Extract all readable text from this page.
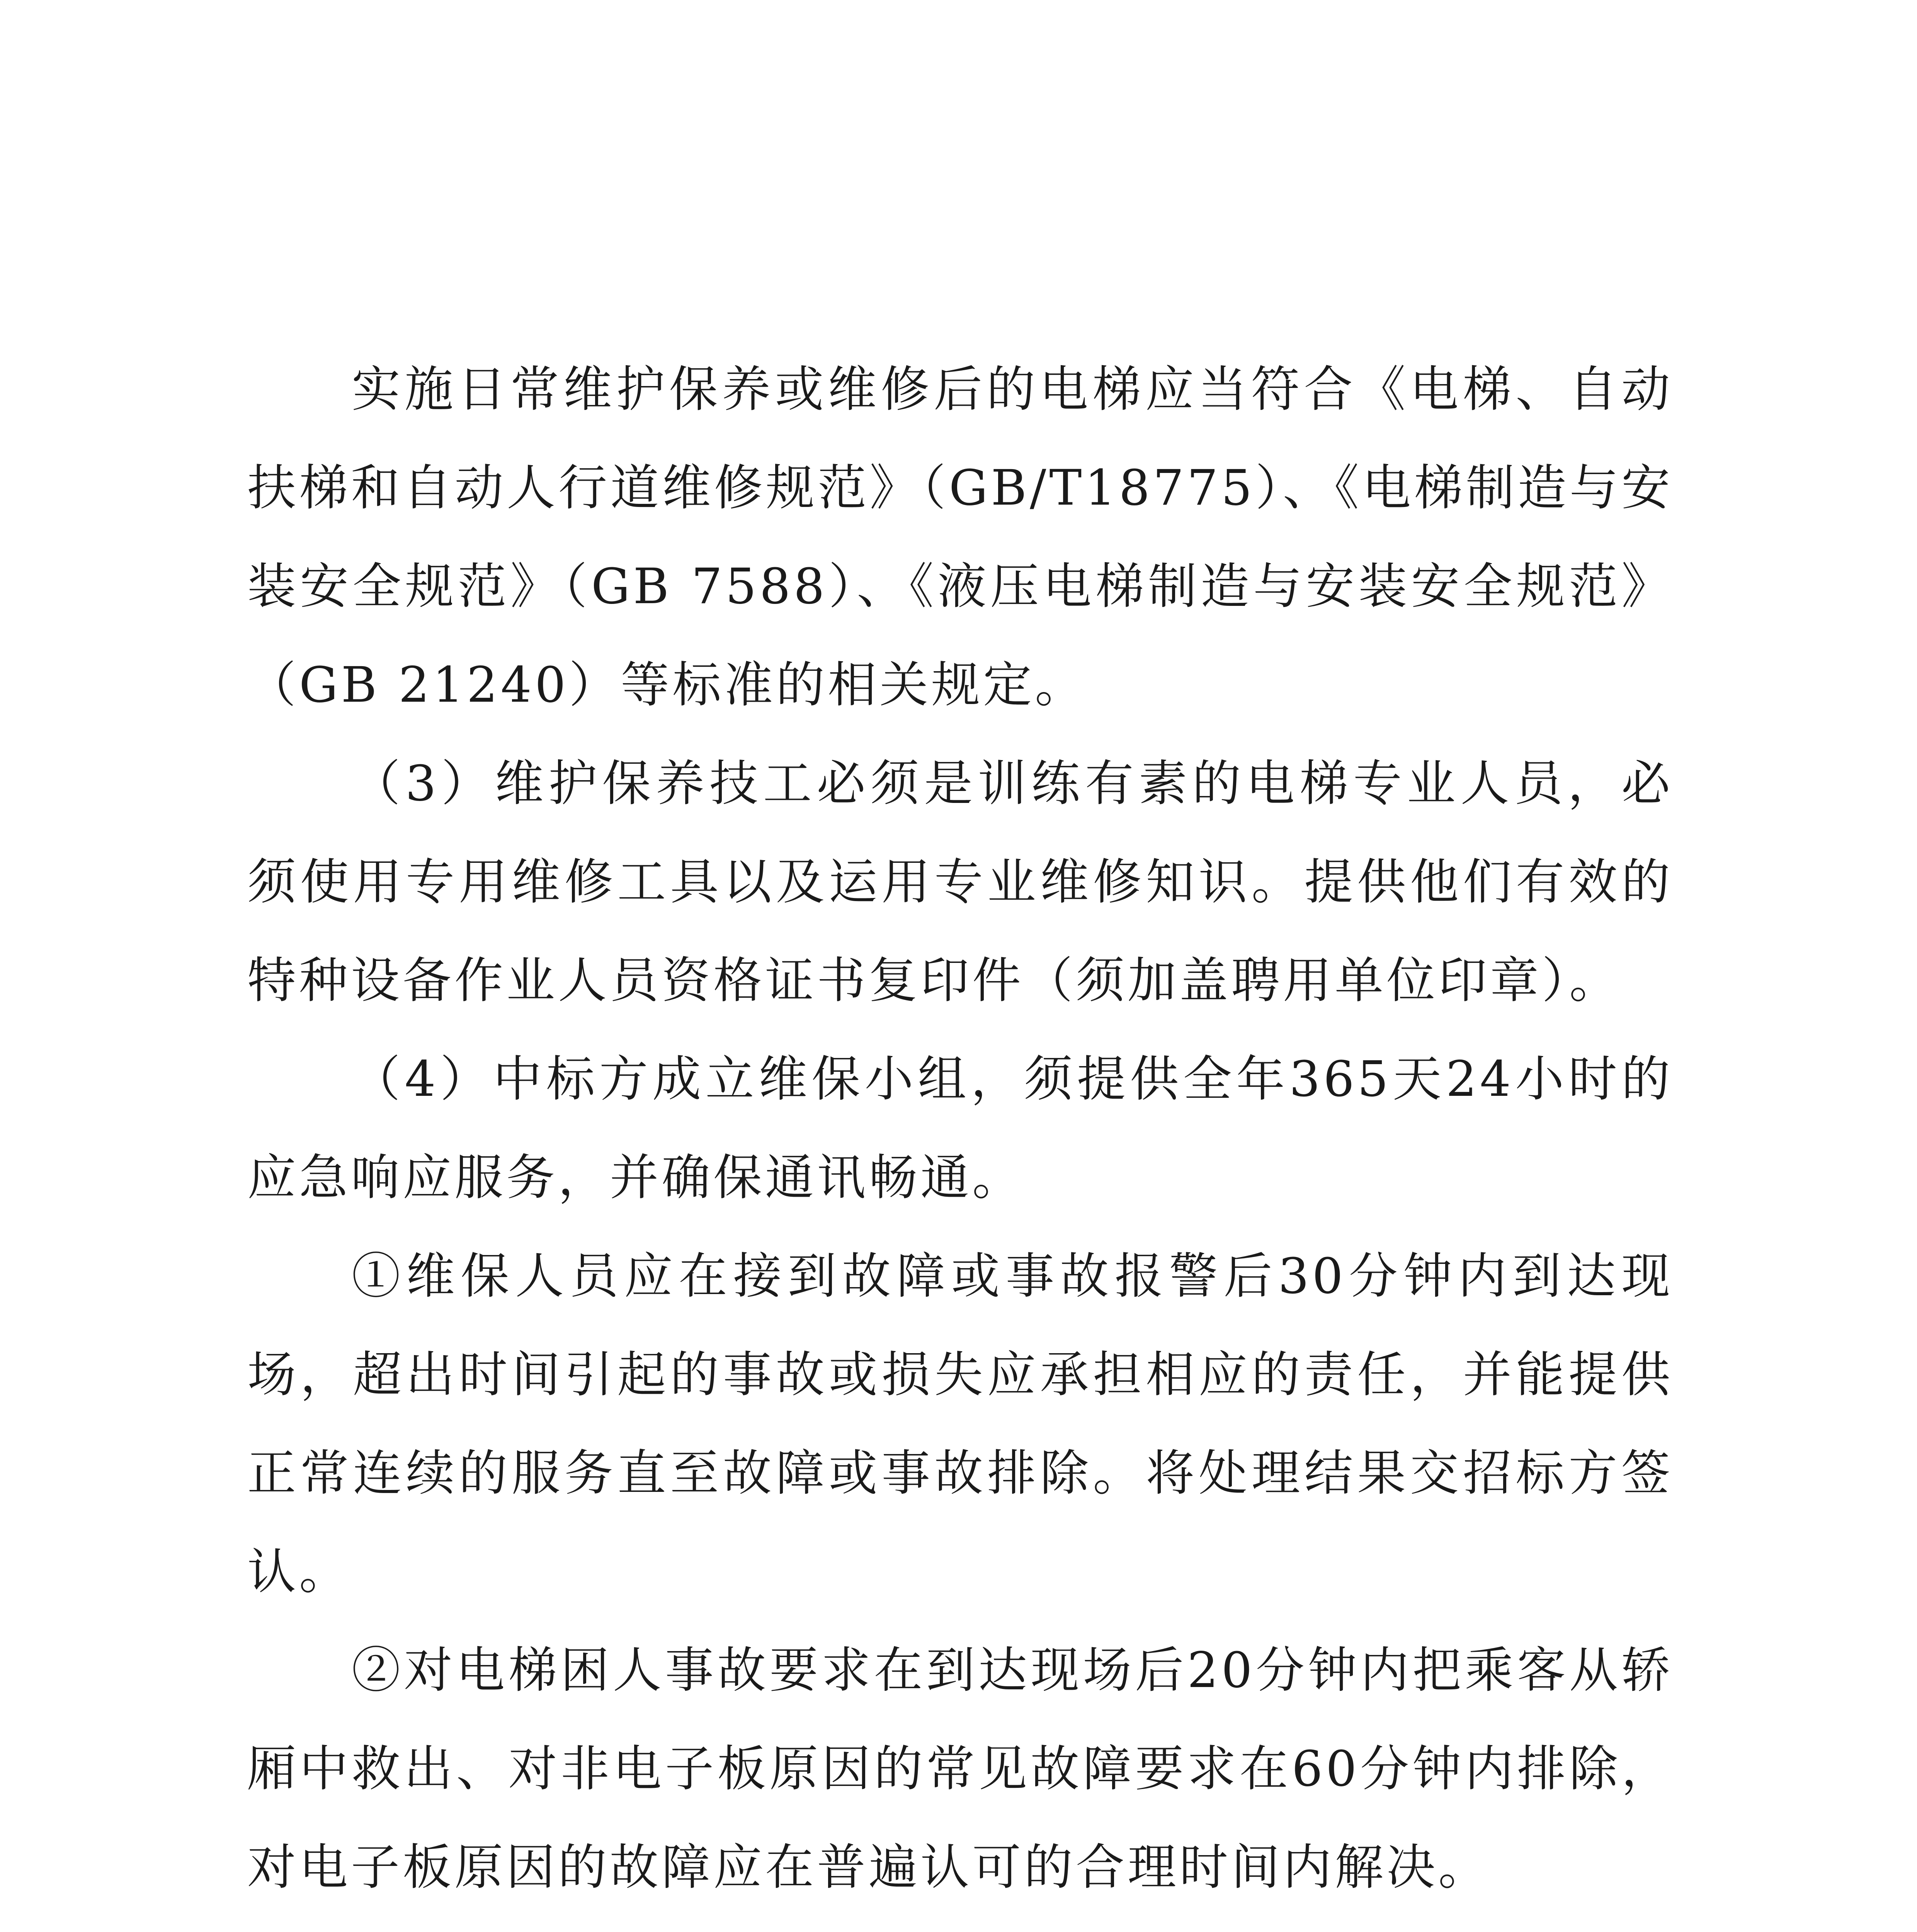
实施日常维护保养或维修后的电梯应当符合《电梯、自动扶梯和自动人行道维修规范》（GB/T18775）、《电梯制造与安装安全规范》（GB 7588）、《液压电梯制造与安装安全规范》（GB 21240）等标准的相关规定。

（3）维护保养技工必须是训练有素的电梯专业人员，必须使用专用维修工具以及运用专业维修知识。提供他们有效的特种设备作业人员资格证书复印件（须加盖聘用单位印章）。

（4）中标方成立维保小组，须提供全年365天24小时的应急响应服务，并确保通讯畅通。

①维保人员应在接到故障或事故报警后30分钟内到达现场，超出时间引起的事故或损失应承担相应的责任，并能提供正常连续的服务直至故障或事故排除。将处理结果交招标方签认。

②对电梯困人事故要求在到达现场后20分钟内把乘客从轿厢中救出、对非电子板原因的常见故障要求在60分钟内排除，对电子板原因的故障应在普遍认可的合理时间内解决。
